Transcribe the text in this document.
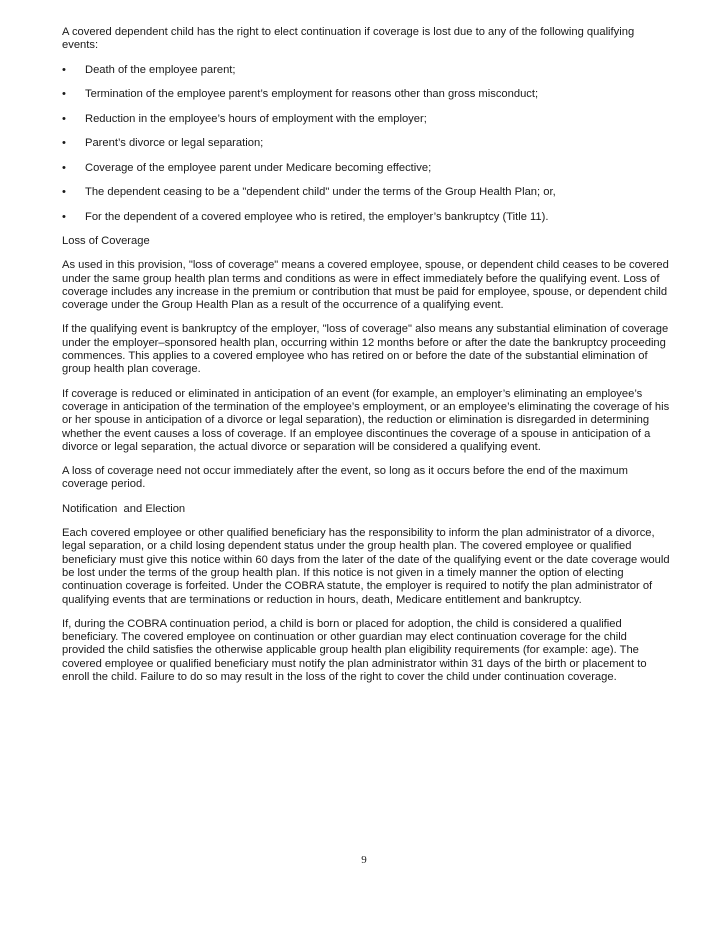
A covered dependent child has the right to elect continuation if coverage is lost due to any of the following qualifying events:

• Death of the employee parent;
• Termination of the employee parent’s employment for reasons other than gross misconduct;
• Reduction in the employee’s hours of employment with the employer;
• Parent’s divorce or legal separation;
• Coverage of the employee parent under Medicare becoming effective;
• The dependent ceasing to be a "dependent child" under the terms of the Group Health Plan; or,
• For the dependent of a covered employee who is retired, the employer’s bankruptcy (Title 11).

Loss of Coverage

As used in this provision, "loss of coverage" means a covered employee, spouse, or dependent child ceases to be covered under the same group health plan terms and conditions as were in effect immediately before the qualifying event. Loss of coverage includes any increase in the premium or contribution that must be paid for employee, spouse, or dependent child coverage under the Group Health Plan as a result of the occurrence of a qualifying event.

If the qualifying event is bankruptcy of the employer, "loss of coverage" also means any substantial elimination of coverage under the employer–sponsored health plan, occurring within 12 months before or after the date the bankruptcy proceeding commences. This applies to a covered employee who has retired on or before the date of the substantial elimination of group health plan coverage.

If coverage is reduced or eliminated in anticipation of an event (for example, an employer’s eliminating an employee’s coverage in anticipation of the termination of the employee’s employment, or an employee’s eliminating the coverage of his or her spouse in anticipation of a divorce or legal separation), the reduction or elimination is disregarded in determining whether the event causes a loss of coverage. If an employee discontinues the coverage of a spouse in anticipation of a divorce or legal separation, the actual divorce or separation will be considered a qualifying event.

A loss of coverage need not occur immediately after the event, so long as it occurs before the end of the maximum coverage period.

Notification  and Election

Each covered employee or other qualified beneficiary has the responsibility to inform the plan administrator of a divorce, legal separation, or a child losing dependent status under the group health plan. The covered employee or qualified beneficiary must give this notice within 60 days from the later of the date of the qualifying event or the date coverage would be lost under the terms of the group health plan. If this notice is not given in a timely manner the option of electing continuation coverage is forfeited. Under the COBRA statute, the employer is required to notify the plan administrator of qualifying events that are terminations or reduction in hours, death, Medicare entitlement and bankruptcy.

If, during the COBRA continuation period, a child is born or placed for adoption, the child is considered a qualified beneficiary. The covered employee on continuation or other guardian may elect continuation coverage for the child provided the child satisfies the otherwise applicable group health plan eligibility requirements (for example: age). The covered employee or qualified beneficiary must notify the plan administrator within 31 days of the birth or placement to enroll the child. Failure to do so may result in the loss of the right to cover the child under continuation coverage.

9
